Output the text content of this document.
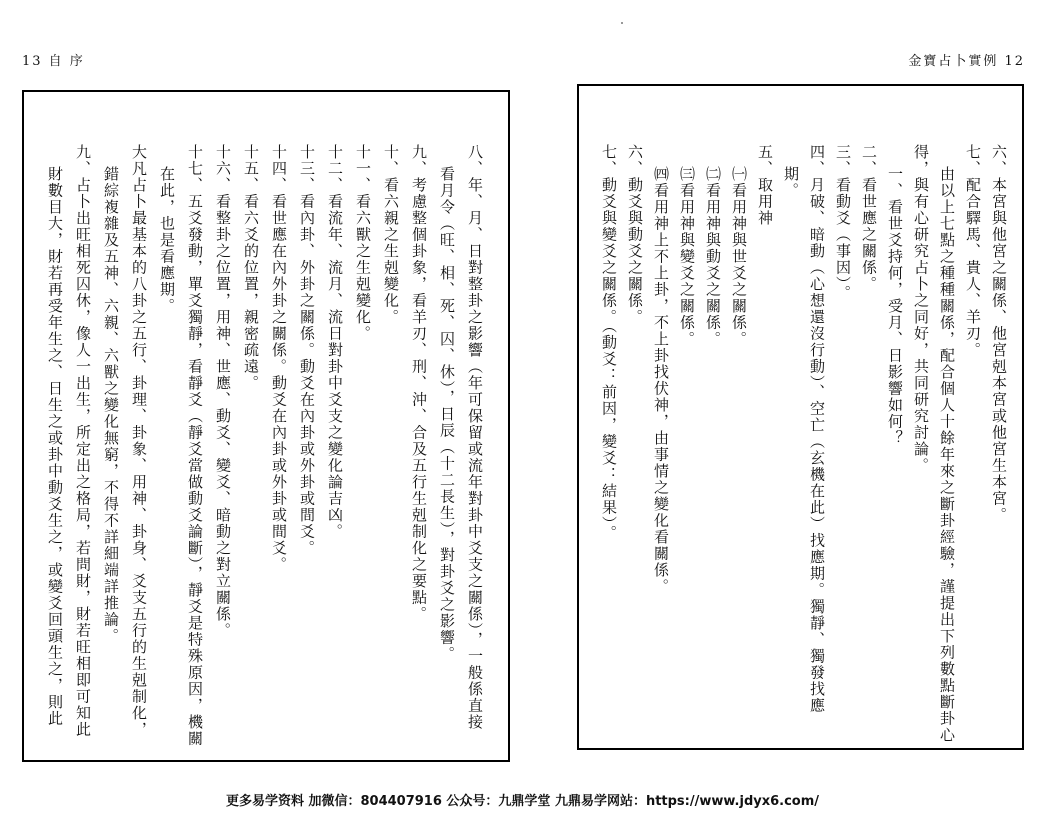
13 自 序	金寶占卜實例 12
八、年、月、日對整卦之影響（年可保留或流年對卦中爻支之關係），一般係直接
看月令（旺、相、死、囚、休），日辰（十二長生），對卦爻之影響。
九、考慮整個卦象，看羊刃、刑、沖、合及五行生剋制化之要點。
十、看六親之生剋變化。
十一、看六獸之生剋變化。
十二、看流年、流月、流日對卦中爻支之變化論吉凶。
十三、看內卦、外卦之關係。動爻在內卦或外卦或間爻。
十四、看世應在內外卦之關係。動爻在內卦或外卦或間爻。
十五、看六爻的位置，親密疏遠。
十六、看整卦之位置，用神、世應、動爻、變爻、暗動之對立關係。
十七、五爻發動，單爻獨靜，看靜爻（靜爻當做動爻論斷），靜爻是特殊原因，機關
在此，也是看應期。
大凡占卜最基本的八卦之五行、卦理、卦象、用神、卦身、爻支五行的生剋制化，
錯綜複雜及五神、六親、六獸之變化無窮，不得不詳細端詳推論。
九、占卜出旺相死囚休，像人一出生，所定出之格局，若問財，財若旺相即可知此
財數目大，財若再受年生之、日生之或卦中動爻生之，或變爻回頭生之，則此	六、本宮與他宮之關係、他宮剋本宮或他宮生本宮。
七、配合驛馬、貴人、羊刃。
由以上七點之種種關係，配合個人十餘年來之斷卦經驗，謹提出下列數點斷卦心
得，與有心研究占卜之同好，共同研究討論。
一、看世爻持何，受月、日影響如何？
二、看世應之關係。
三、看動爻（事因）。
四、月破、暗動（心想還沒行動）、空亡（玄機在此）找應期。獨靜、獨發找應
期。
五、取用神
㈠看用神與世爻之關係。
㈡看用神與動爻之關係。
㈢看用神與變爻之關係。
㈣看用神上不上卦，不上卦找伏神，由事情之變化看關係。
六、動爻與動爻之關係。
七、動爻與變爻之關係。（動爻：前因，變爻：結果）。
更多易学资料 加微信：804407916 公众号：九鼎学堂 九鼎易学网站：https://www.jdyx6.com/
